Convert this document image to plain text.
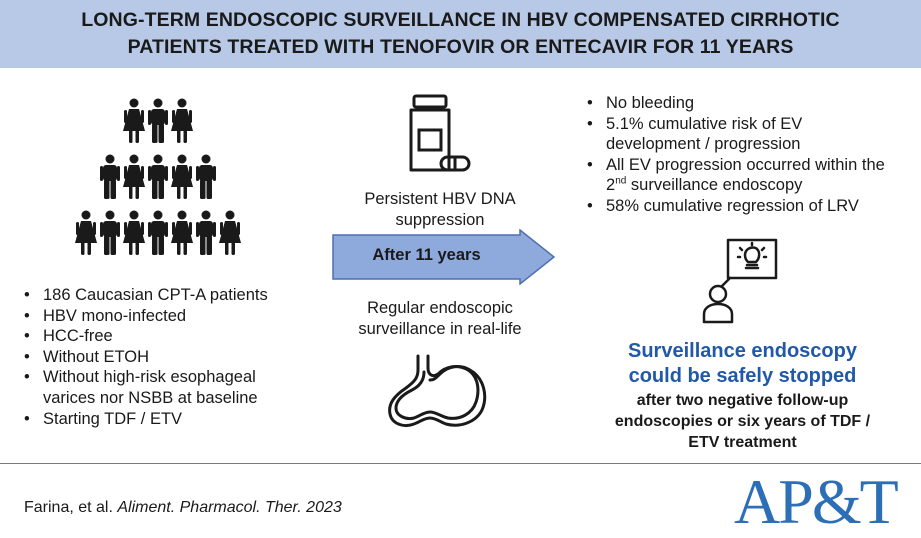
LONG-TERM ENDOSCOPIC SURVEILLANCE IN HBV COMPENSATED CIRRHOTIC
PATIENTS TREATED WITH TENOFOVIR OR ENTECAVIR FOR 11 YEARS
• 186 Caucasian CPT-A patients
• HBV mono-infected
• HCC-free
• Without ETOH
• Without high-risk esophageal varices nor NSBB at baseline
• Starting TDF / ETV
Persistent HBV DNA suppression
After 11 years
Regular endoscopic surveillance in real-life
• No bleeding
• 5.1% cumulative risk of EV development / progression
• All EV progression occurred within the 2nd surveillance endoscopy
• 58% cumulative regression of LRV
Surveillance endoscopy could be safely stopped
after two negative follow-up endoscopies or six years of TDF / ETV treatment
Farina, et al. Aliment. Pharmacol. Ther. 2023	AP&T
